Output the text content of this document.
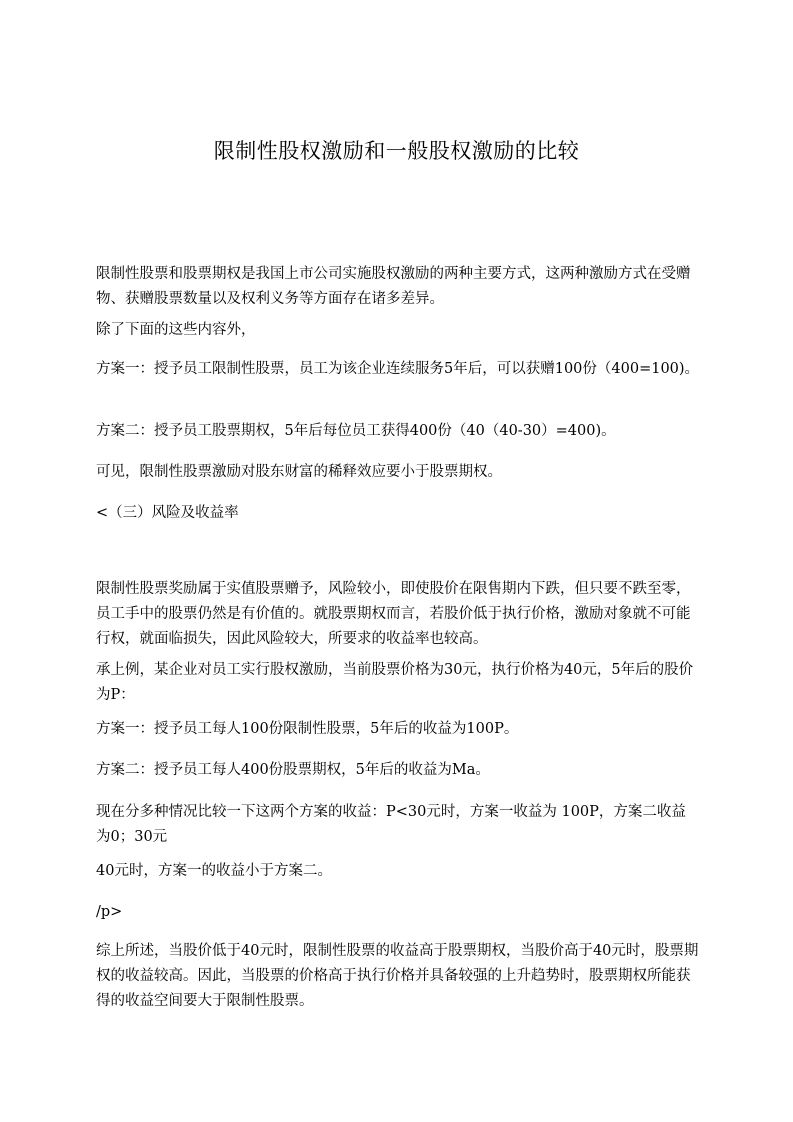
限制性股权激励和一般股权激励的比较

限制性股票和股票期权是我国上市公司实施股权激励的两种主要方式，这两种激励方式在受赠物、获赠股票数量以及权利义务等方面存在诸多差异。

除了下面的这些内容外，

方案一：授予员工限制性股票，员工为该企业连续服务5年后，可以获赠100份（400=100)。

方案二：授予员工股票期权，5年后每位员工获得400份（40（40-30）=400)。

可见，限制性股票激励对股东财富的稀释效应要小于股票期权。

<（三）风险及收益率

限制性股票奖励属于实值股票赠予，风险较小，即使股价在限售期内下跌，但只要不跌至零，员工手中的股票仍然是有价值的。就股票期权而言，若股价低于执行价格，激励对象就不可能行权，就面临损失，因此风险较大，所要求的收益率也较高。

承上例，某企业对员工实行股权激励，当前股票价格为30元，执行价格为40元，5年后的股价为P：

方案一：授予员工每人100份限制性股票，5年后的收益为100P。

方案二：授予员工每人400份股票期权，5年后的收益为Ma。

现在分多种情况比较一下这两个方案的收益：P<30元时，方案一收益为 100P，方案二收益为0；30元

40元时，方案一的收益小于方案二。

/p>

综上所述，当股价低于40元时，限制性股票的收益高于股票期权，当股价高于40元时，股票期权的收益较高。因此，当股票的价格高于执行价格并具备较强的上升趋势时，股票期权所能获得的收益空间要大于限制性股票。
